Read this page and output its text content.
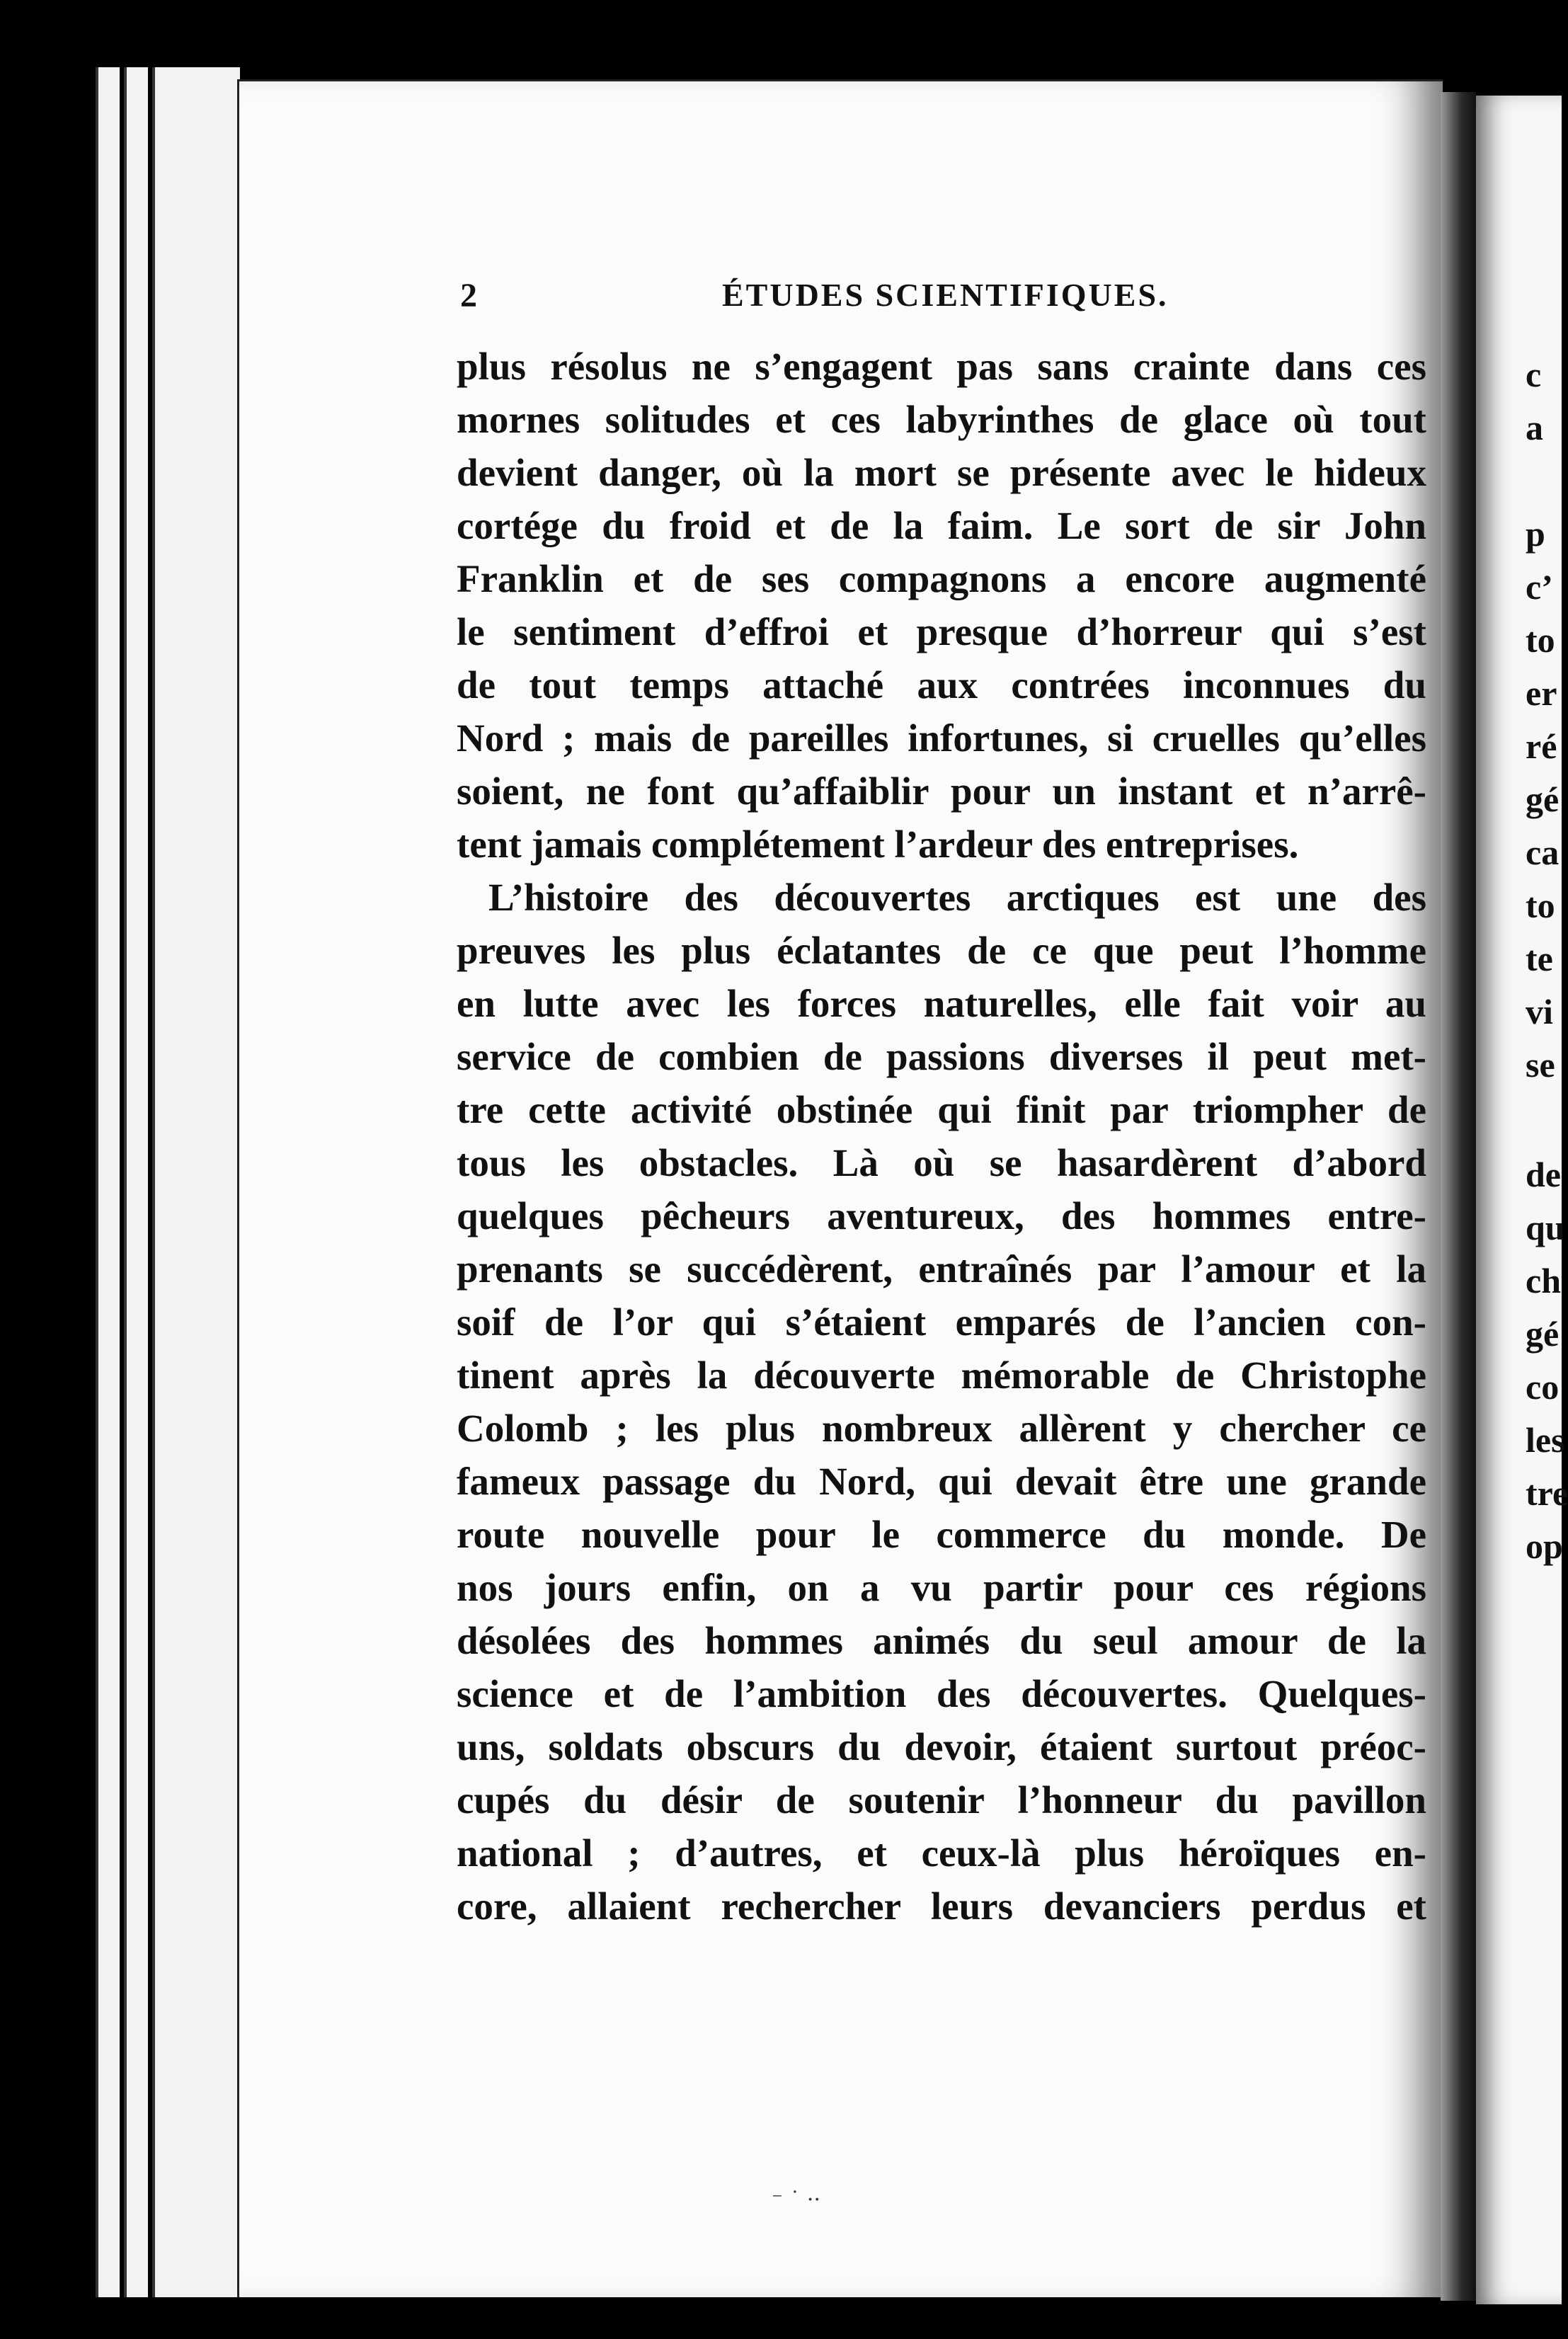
2	ÉTUDES SCIENTIFIQUES.
plus résolus ne s’engagent pas sans crainte dans ces
mornes solitudes et ces labyrinthes de glace où tout
devient danger, où la mort se présente avec le hideux
cortége du froid et de la faim. Le sort de sir John
Franklin et de ses compagnons a encore augmenté
le sentiment d’effroi et presque d’horreur qui s’est
de tout temps attaché aux contrées inconnues du
Nord ; mais de pareilles infortunes, si cruelles qu’elles
soient, ne font qu’affaiblir pour un instant et n’arrê-
tent jamais complétement l’ardeur des entreprises.
L’histoire des découvertes arctiques est une des
preuves les plus éclatantes de ce que peut l’homme
en lutte avec les forces naturelles, elle fait voir au
service de combien de passions diverses il peut met-
tre cette activité obstinée qui finit par triompher de
tous les obstacles. Là où se hasardèrent d’abord
quelques pêcheurs aventureux, des hommes entre-
prenants se succédèrent, entraînés par l’amour et la
soif de l’or qui s’étaient emparés de l’ancien con-
tinent après la découverte mémorable de Christophe
Colomb ; les plus nombreux allèrent y chercher ce
fameux passage du Nord, qui devait être une grande
route nouvelle pour le commerce du monde. De
nos jours enfin, on a vu partir pour ces régions
désolées des hommes animés du seul amour de la
science et de l’ambition des découvertes. Quelques-
uns, soldats obscurs du devoir, étaient surtout préoc-
cupés du désir de soutenir l’honneur du pavillon
national ; d’autres, et ceux-là plus héroïques en-
core, allaient rechercher leurs devanciers perdus et
c
a
p
c’
to
er
ré
gé
ca
to
te
vi
se
de
qu
ch
gé
co
les
tre
op
⁻ ˙ ··
